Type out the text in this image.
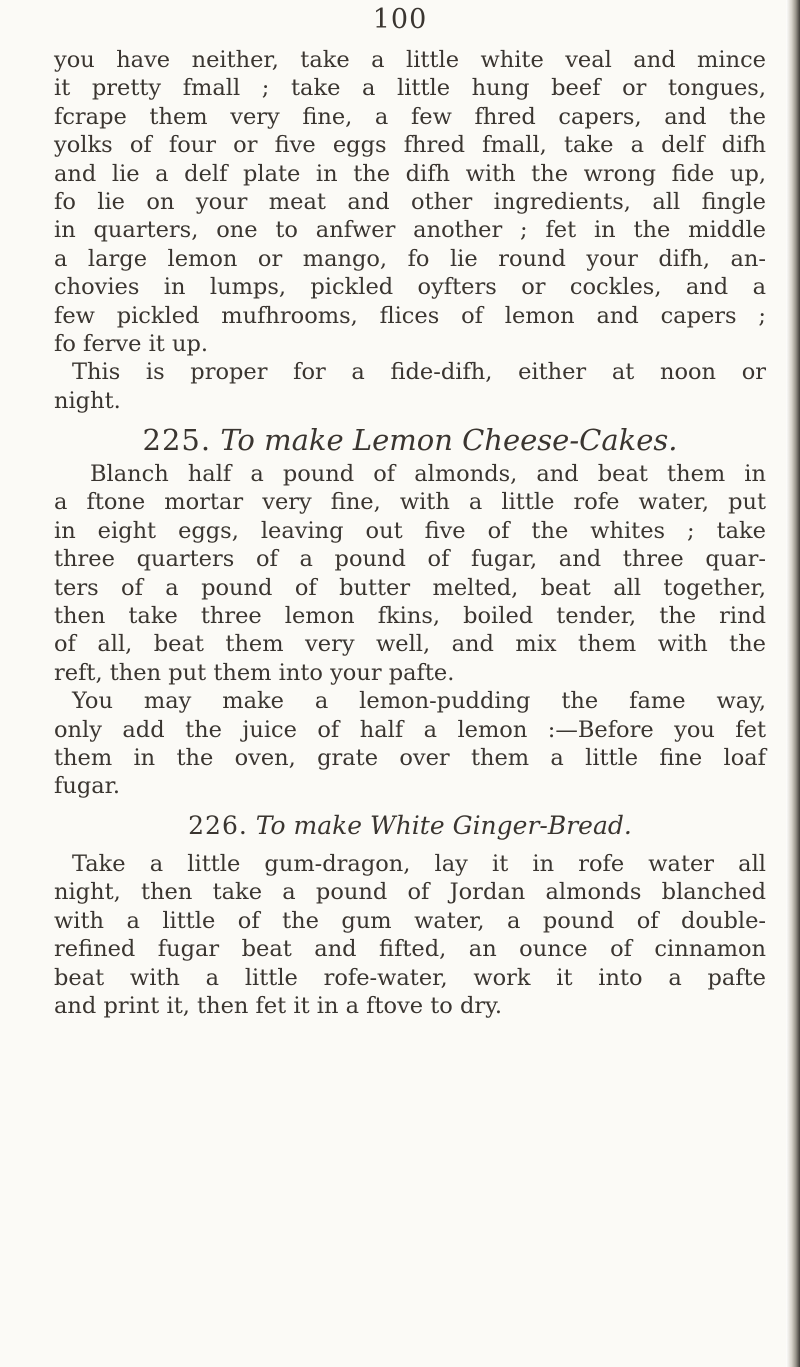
100
you have neither, take a little white veal and mince
it pretty fmall ; take a little hung beef or tongues,
fcrape them very fine, a few fhred capers, and the
yolks of four or five eggs fhred fmall, take a delf difh
and lie a delf plate in the difh with the wrong fide up,
fo lie on your meat and other ingredients, all fingle
in quarters, one to anfwer another ; fet in the middle
a large lemon or mango, fo lie round your difh, an-
chovies in lumps, pickled oyfters or cockles, and a
few pickled mufhrooms, flices of lemon and capers ;
fo ferve it up.
This is proper for a fide-difh, either at noon or
night.
225. To make Lemon Cheese-Cakes.
Blanch half a pound of almonds, and beat them in
a ftone mortar very fine, with a little rofe water, put
in eight eggs, leaving out five of the whites ; take
three quarters of a pound of fugar, and three quar-
ters of a pound of butter melted, beat all together,
then take three lemon fkins, boiled tender, the rind
of all, beat them very well, and mix them with the
reft, then put them into your pafte.
You may make a lemon-pudding the fame way,
only add the juice of half a lemon :—Before you fet
them in the oven, grate over them a little fine loaf
fugar.
226. To make White Ginger-Bread.
Take a little gum-dragon, lay it in rofe water all
night, then take a pound of Jordan almonds blanched
with a little of the gum water, a pound of double-
refined fugar beat and fifted, an ounce of cinnamon
beat with a little rofe-water, work it into a pafte
and print it, then fet it in a ftove to dry.
